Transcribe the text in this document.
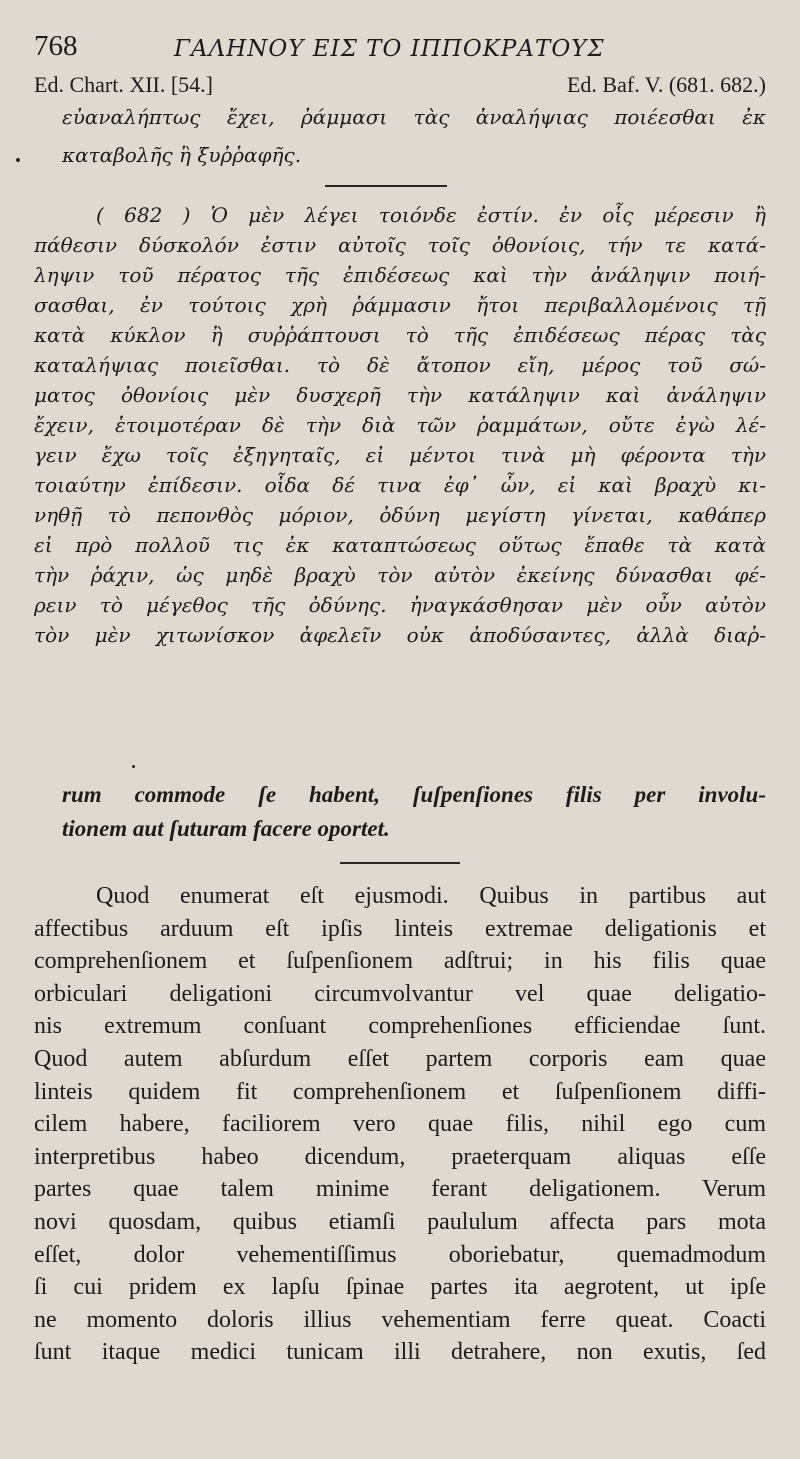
768	ΓΑΛΗΝΟΥ ΕΙΣ ΤΟ ΙΠΠΟΚΡΑΤΟΥΣ
Ed. Chart. XII. [54.]	Ed. Baf. V. (681. 682.)
εὐαναλήπτως ἔχει, ῥάμμασι τὰς ἀναλήψιας ποιέεσθαι ἐκ
καταβολῆς ἢ ξυῤῥαφῆς.
( 682 ) Ὁ μὲν λέγει τοιόνδε ἐστίν. ἐν οἷς μέρεσιν ἢ
πάθεσιν δύσκολόν ἐστιν αὐτοῖς τοῖς ὀθονίοις, τήν τε κατά-
ληψιν τοῦ πέρατος τῆς ἐπιδέσεως καὶ τὴν ἀνάληψιν ποιή-
σασθαι, ἐν τούτοις χρὴ ῥάμμασιν ἤτοι περιβαλλομένοις τῇ
κατὰ κύκλον ἢ συῤῥάπτουσι τὸ τῆς ἐπιδέσεως πέρας τὰς
καταλήψιας ποιεῖσθαι. τὸ δὲ ἄτοπον εἴη, μέρος τοῦ σώ-
ματος ὀθονίοις μὲν δυσχερῆ τὴν κατάληψιν καὶ ἀνάληψιν
ἔχειν, ἑτοιμοτέραν δὲ τὴν διὰ τῶν ῥαμμάτων, οὔτε ἐγὼ λέ-
γειν ἔχω τοῖς ἐξηγηταῖς, εἰ μέντοι τινὰ μὴ φέροντα τὴν
τοιαύτην ἐπίδεσιν. οἶδα δέ τινα ἐφ᾽ ὧν, εἰ καὶ βραχὺ κι-
νηθῇ τὸ πεπονθὸς μόριον, ὀδύνη μεγίστη γίνεται, καθάπερ
εἰ πρὸ πολλοῦ τις ἐκ καταπτώσεως οὕτως ἔπαθε τὰ κατὰ
τὴν ῥάχιν, ὡς μηδὲ βραχὺ τὸν αὐτὸν ἐκείνης δύνασθαι φέ-
ρειν τὸ μέγεθος τῆς ὀδύνης. ἠναγκάσθησαν μὲν οὖν αὐτὸν
τὸν μὲν χιτωνίσκον ἀφελεῖν οὐκ ἀποδύσαντες, ἀλλὰ διαῤ-
rum commode ſe habent, ſuſpenſiones filis per involu-
tionem aut ſuturam facere oportet.
Quod enumerat eſt ejusmodi. Quibus in partibus aut
affectibus arduum eſt ipſis linteis extremae deligationis et
comprehenſionem et ſuſpenſionem adſtrui; in his filis quae
orbiculari deligationi circumvolvantur vel quae deligatio-
nis extremum conſuant comprehenſiones efficiendae ſunt.
Quod autem abſurdum eſſet partem corporis eam quae
linteis quidem fit comprehenſionem et ſuſpenſionem diffi-
cilem habere, faciliorem vero quae filis, nihil ego cum
interpretibus habeo dicendum, praeterquam aliquas eſſe
partes quae talem minime ferant deligationem. Verum
novi quosdam, quibus etiamſi paululum affecta pars mota
eſſet, dolor vehementiſſimus oboriebatur, quemadmodum
ſi cui pridem ex lapſu ſpinae partes ita aegrotent, ut ipſe
ne momento doloris illius vehementiam ferre queat. Coacti
ſunt itaque medici tunicam illi detrahere, non exutis, ſed
